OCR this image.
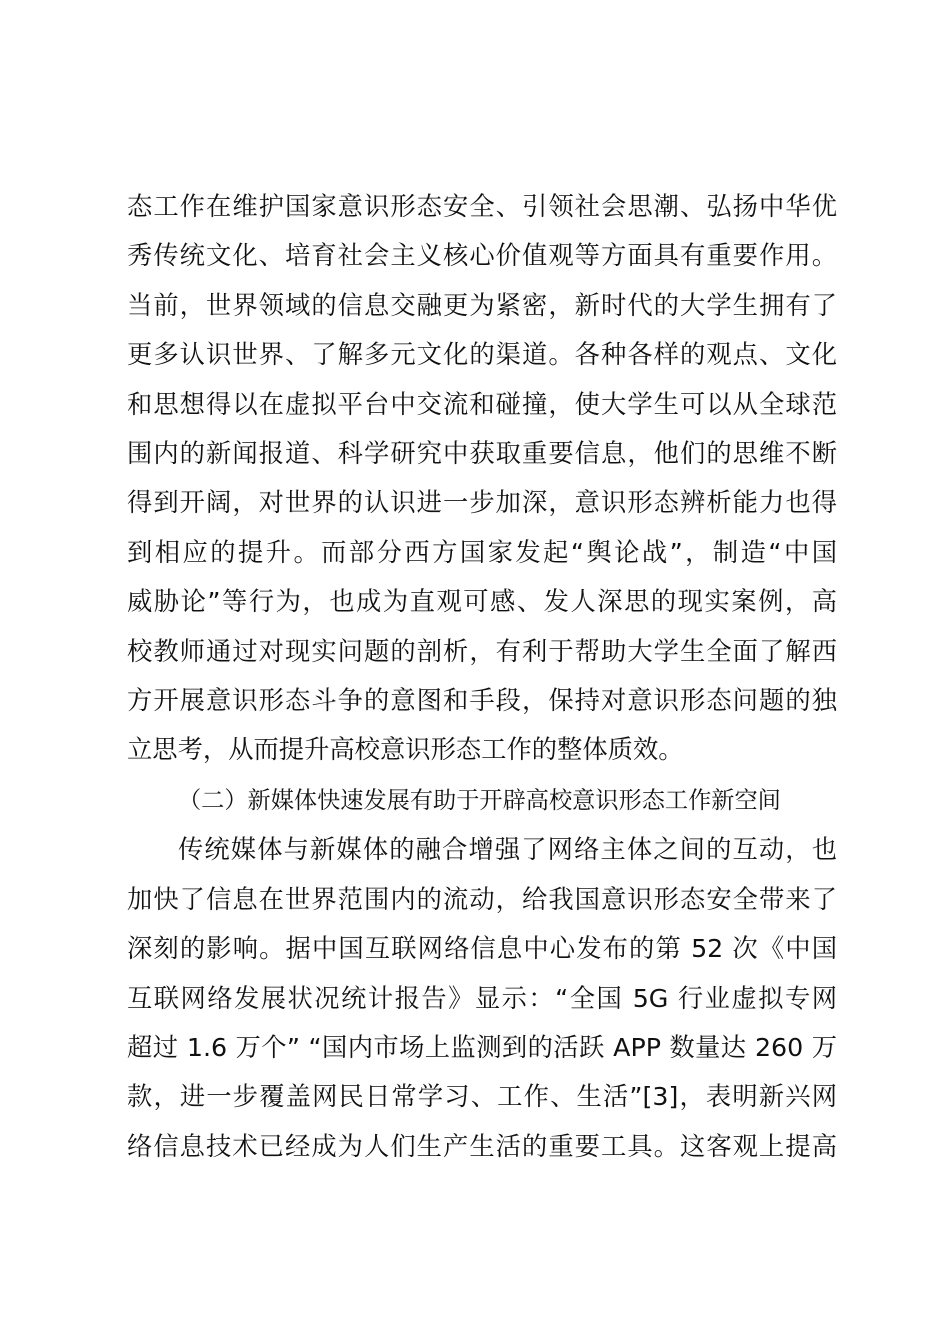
态工作在维护国家意识形态安全、引领社会思潮、弘扬中华优
秀传统文化、培育社会主义核心价值观等方面具有重要作用。
当前，世界领域的信息交融更为紧密，新时代的大学生拥有了
更多认识世界、了解多元文化的渠道。各种各样的观点、文化
和思想得以在虚拟平台中交流和碰撞，使大学生可以从全球范
围内的新闻报道、科学研究中获取重要信息，他们的思维不断
得到开阔，对世界的认识进一步加深，意识形态辨析能力也得
到相应的提升。而部分西方国家发起“舆论战”，制造“中国
威胁论”等行为，也成为直观可感、发人深思的现实案例，高
校教师通过对现实问题的剖析，有利于帮助大学生全面了解西
方开展意识形态斗争的意图和手段，保持对意识形态问题的独
立思考，从而提升高校意识形态工作的整体质效。
（二）新媒体快速发展有助于开辟高校意识形态工作新空间
传统媒体与新媒体的融合增强了网络主体之间的互动，也
加快了信息在世界范围内的流动，给我国意识形态安全带来了
深刻的影响。据中国互联网络信息中心发布的第 52 次《中国
互联网络发展状况统计报告》显示：“全国 5G 行业虚拟专网
超过 1.6 万个” “国内市场上监测到的活跃 APP 数量达 260 万
款，进一步覆盖网民日常学习、工作、生活”[3]，表明新兴网
络信息技术已经成为人们生产生活的重要工具。这客观上提高
